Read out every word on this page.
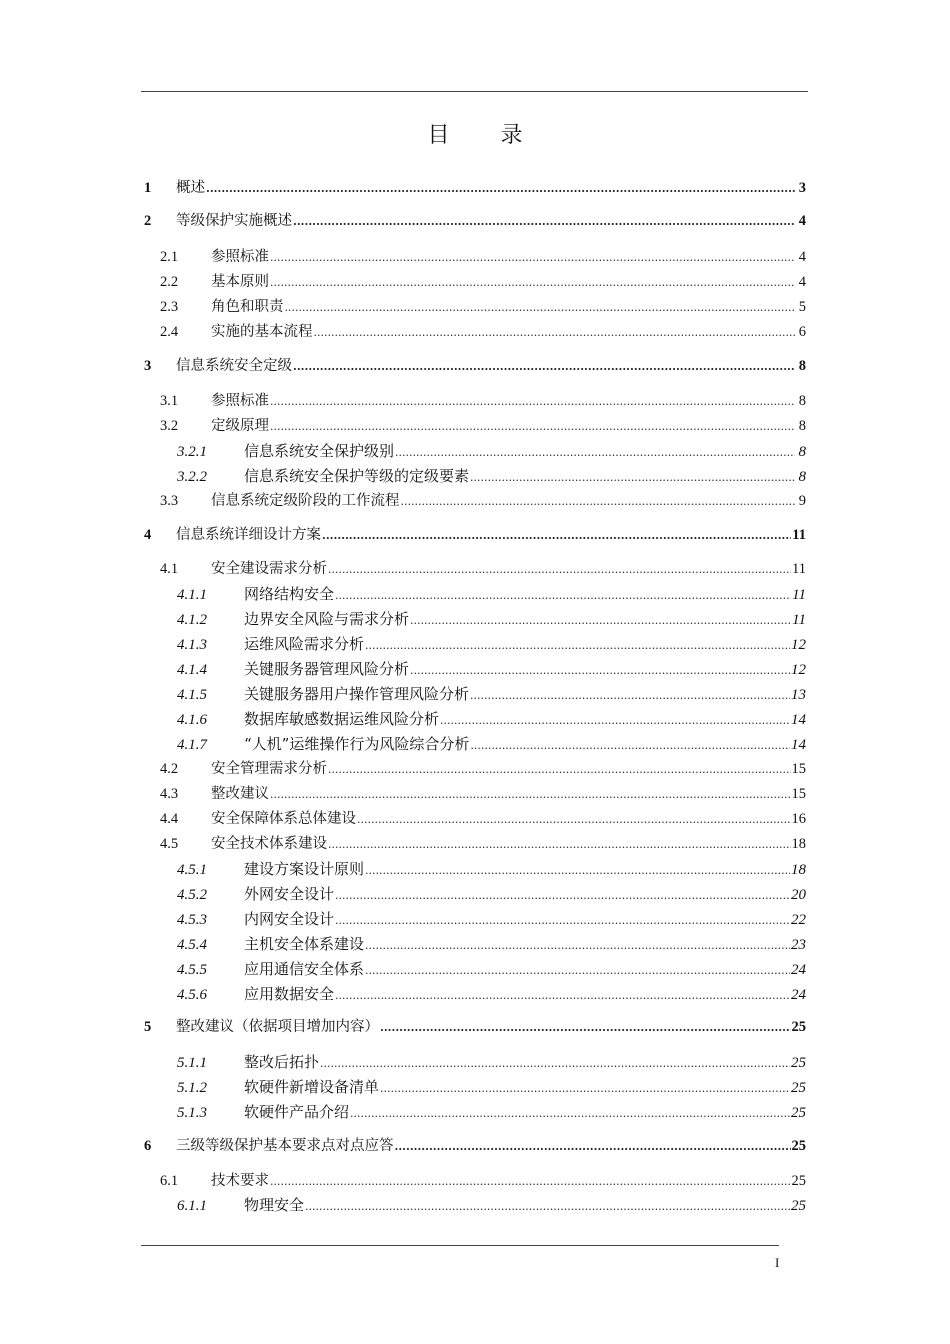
目 录
1	概述 .....	3
2	等级保护实施概述 .....	4
2.1	参照标准 .....	4
2.2	基本原则 .....	4
2.3	角色和职责 .....	5
2.4	实施的基本流程 .....	6
3	信息系统安全定级 .....	8
3.1	参照标准 .....	8
3.2	定级原理 .....	8
3.2.1	信息系统安全保护级别 .....	8
3.2.2	信息系统安全保护等级的定级要素 .....	8
3.3	信息系统定级阶段的工作流程 .....	9
4	信息系统详细设计方案 .....	11
4.1	安全建设需求分析 .....	11
4.1.1	网络结构安全 .....	11
4.1.2	边界安全风险与需求分析 .....	11
4.1.3	运维风险需求分析 .....	12
4.1.4	关键服务器管理风险分析 .....	12
4.1.5	关键服务器用户操作管理风险分析 .....	13
4.1.6	数据库敏感数据运维风险分析 .....	14
4.1.7	“人机”运维操作行为风险综合分析 .....	14
4.2	安全管理需求分析 .....	15
4.3	整改建议 .....	15
4.4	安全保障体系总体建设 .....	16
4.5	安全技术体系建设 .....	18
4.5.1	建设方案设计原则 .....	18
4.5.2	外网安全设计 .....	20
4.5.3	内网安全设计 .....	22
4.5.4	主机安全体系建设 .....	23
4.5.5	应用通信安全体系 .....	24
4.5.6	应用数据安全 .....	24
5	整改建议（依据项目增加内容） .....	25
5.1.1	整改后拓扑 .....	25
5.1.2	软硬件新增设备清单 .....	25
5.1.3	软硬件产品介绍 .....	25
6	三级等级保护基本要求点对点应答 .....	25
6.1	技术要求 .....	25
6.1.1	物理安全 .....	25
I
